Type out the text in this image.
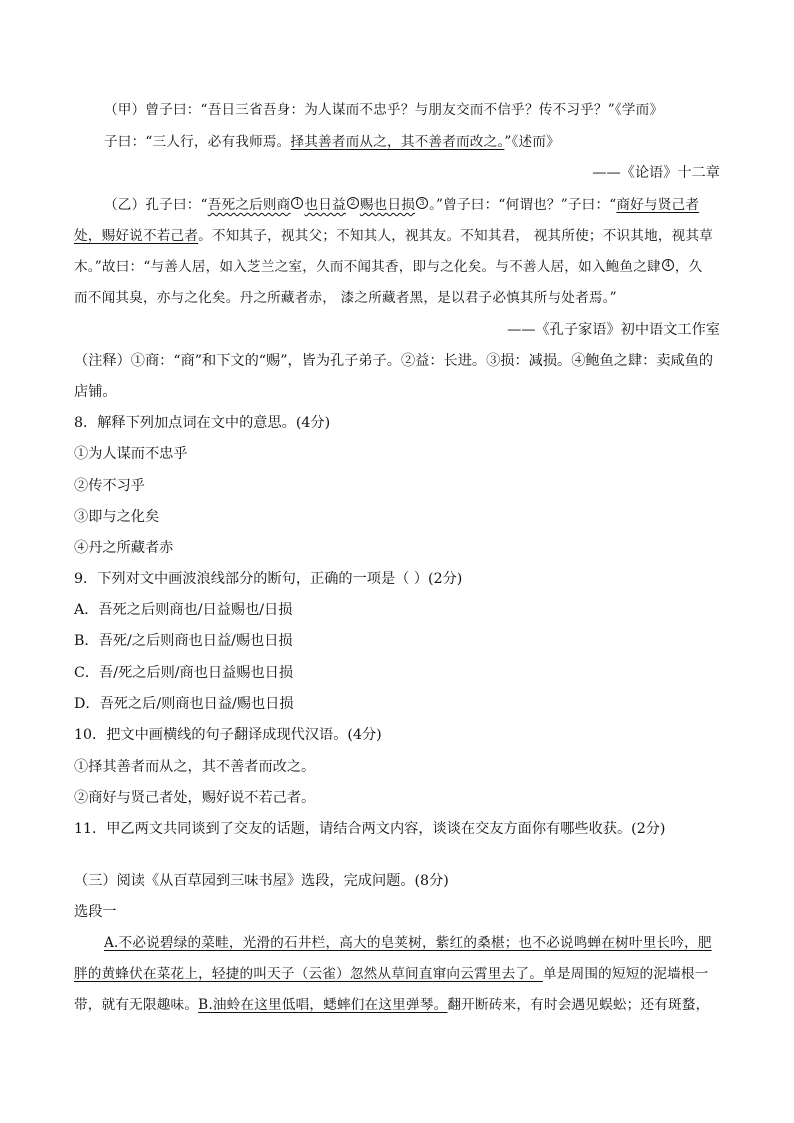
（甲）曾子曰：“吾日三省吾身：为人谋而不忠乎？与朋友交而不信乎？传不习乎？”《学而》
子曰：“三人行，必有我师焉。择其善者而从之，其不善者而改之。”《述而》
——《论语》十二章
（乙）孔子曰：“吾死之后则商 1 也日益 2 赐也日损 3 。”曾子曰：“何谓也？”子曰：“商好与贤己者
处，赐好说不若己者。不知其子，视其父；不知其人，视其友。不知其君， 视其所使；不识其地，视其草
木。”故曰：“与善人居，如入芝兰之室，久而不闻其香，即与之化矣。与不善人居，如入鲍鱼之肆 4 ，久
而不闻其臭，亦与之化矣。丹之所藏者赤， 漆之所藏者黑，是以君子必慎其所与处者焉。”
——《孔子家语》初中语文工作室
（注释）①商：“商”和下文的“赐”，皆为孔子弟子。②益：长进。③损：减损。④鲍鱼之肆：卖咸鱼的
店铺。
8．解释下列加点词在文中的意思。(4分)
①为人谋而不忠乎
②传不习乎
③即与之化矣
④丹之所藏者赤
9．下列对文中画波浪线部分的断句，正确的一项是（ ）(2分)
A．吾死之后则商也/日益赐也/日损
B．吾死/之后则商也日益/赐也日损
C．吾/死之后则/商也日益赐也日损
D．吾死之后/则商也日益/赐也日损
10．把文中画横线的句子翻译成现代汉语。(4分)
①择其善者而从之，其不善者而改之。
②商好与贤己者处，赐好说不若己者。
11．甲乙两文共同谈到了交友的话题，请结合两文内容，谈谈在交友方面你有哪些收获。(2分)
（三）阅读《从百草园到三味书屋》选段，完成问题。(8分)
选段一
A.不必说碧绿的菜畦，光滑的石井栏，高大的皂荚树，紫红的桑椹；也不必说鸣蝉在树叶里长吟，肥
胖的黄蜂伏在菜花上，轻捷的叫天子（云雀）忽然从草间直窜向云霄里去了。单是周围的短短的泥墙根一
带，就有无限趣味。B.油蛉在这里低唱，蟋蟀们在这里弹琴。翻开断砖来，有时会遇见蜈蚣；还有斑蝥，
